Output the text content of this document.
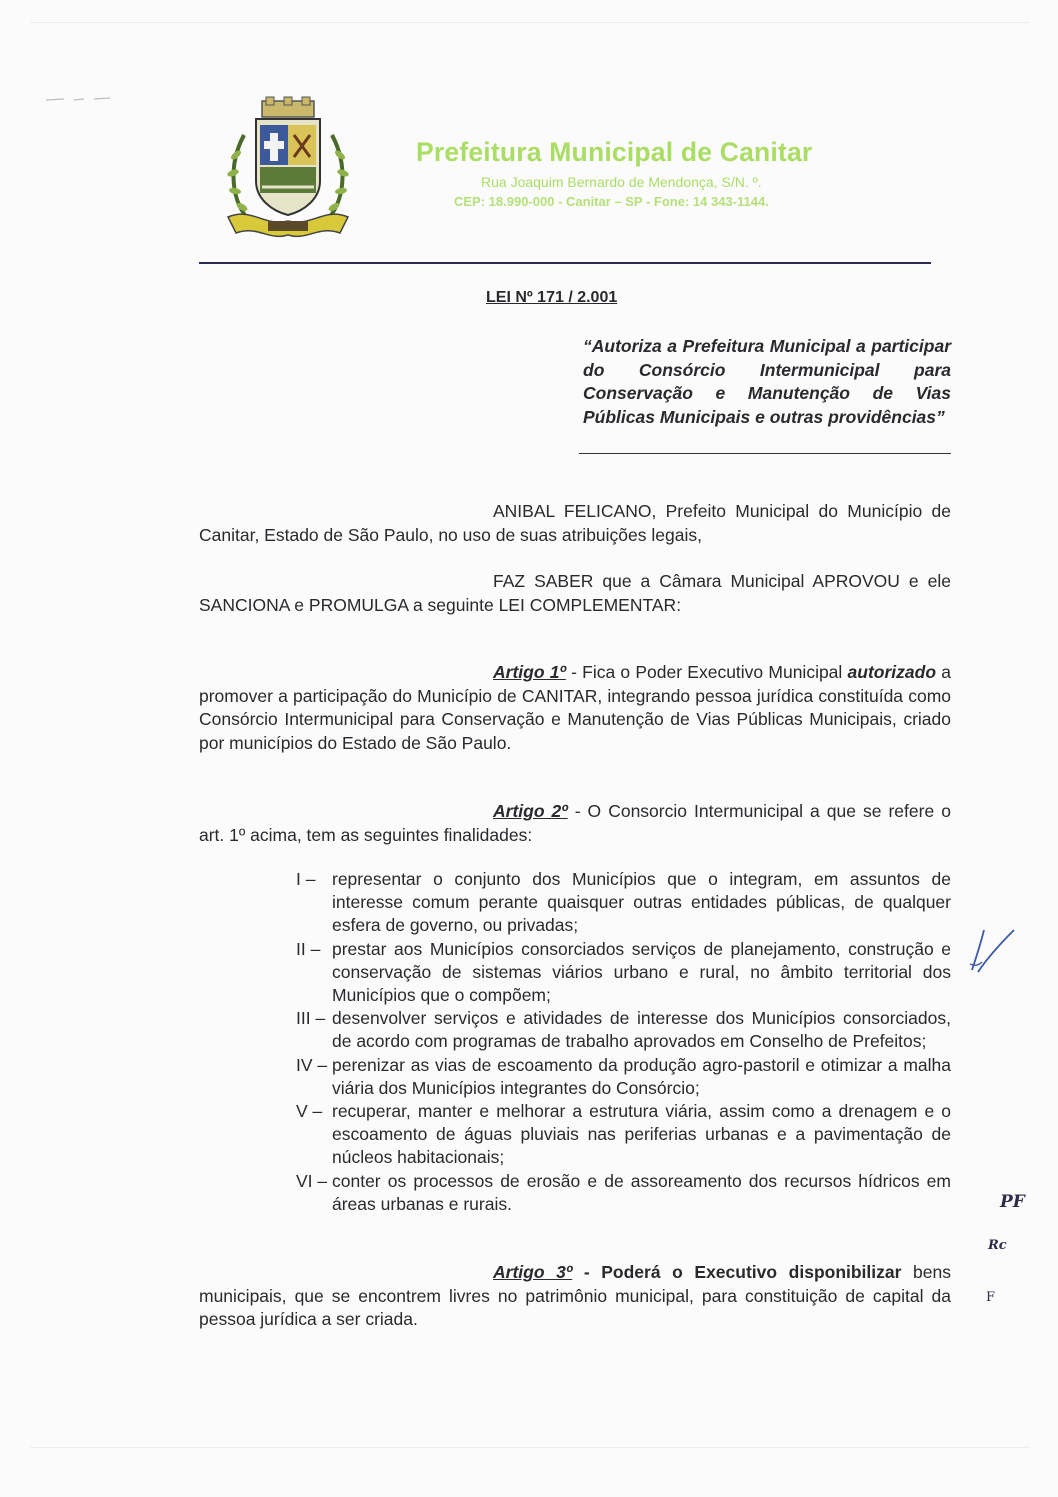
Prefeitura Municipal de Canitar
Rua Joaquim Bernardo de Mendonça, S/N. º.
CEP: 18.990-000 - Canitar – SP - Fone: 14 343-1144.
LEI Nº 171 / 2.001
“Autoriza a Prefeitura Municipal a participar do Consórcio Intermunicipal para Conservação e Manutenção de Vias Públicas Municipais e outras providências”
ANIBAL FELICANO, Prefeito Municipal do Município de Canitar, Estado de São Paulo, no uso de suas atribuições legais,
FAZ SABER que a Câmara Municipal APROVOU e ele SANCIONA e PROMULGA a seguinte LEI COMPLEMENTAR:
Artigo 1º - Fica o Poder Executivo Municipal autorizado a promover a participação do Município de CANITAR, integrando pessoa jurídica constituída como Consórcio Intermunicipal para Conservação e Manutenção de Vias Públicas Municipais, criado por municípios do Estado de São Paulo.
Artigo 2º - O Consorcio Intermunicipal a que se refere o art. 1º acima, tem as seguintes finalidades:
I – representar o conjunto dos Municípios que o integram, em assuntos de interesse comum perante quaisquer outras entidades públicas, de qualquer esfera de governo, ou privadas;
II – prestar aos Municípios consorciados serviços de planejamento, construção e conservação de sistemas viários urbano e rural, no âmbito territorial dos Municípios que o compõem;
III – desenvolver serviços e atividades de interesse dos Municípios consorciados, de acordo com programas de trabalho aprovados em Conselho de Prefeitos;
IV – perenizar as vias de escoamento da produção agro-pastoril e otimizar a malha viária dos Municípios integrantes do Consórcio;
V – recuperar, manter e melhorar a estrutura viária, assim como a drenagem e o escoamento de águas pluviais nas periferias urbanas e a pavimentação de núcleos habitacionais;
VI – conter os processos de erosão e de assoreamento dos recursos hídricos em áreas urbanas e rurais.
Artigo 3º - Poderá o Executivo disponibilizar bens municipais, que se encontrem livres no patrimônio municipal, para constituição de capital da pessoa jurídica a ser criada.
PF
Rc
F
